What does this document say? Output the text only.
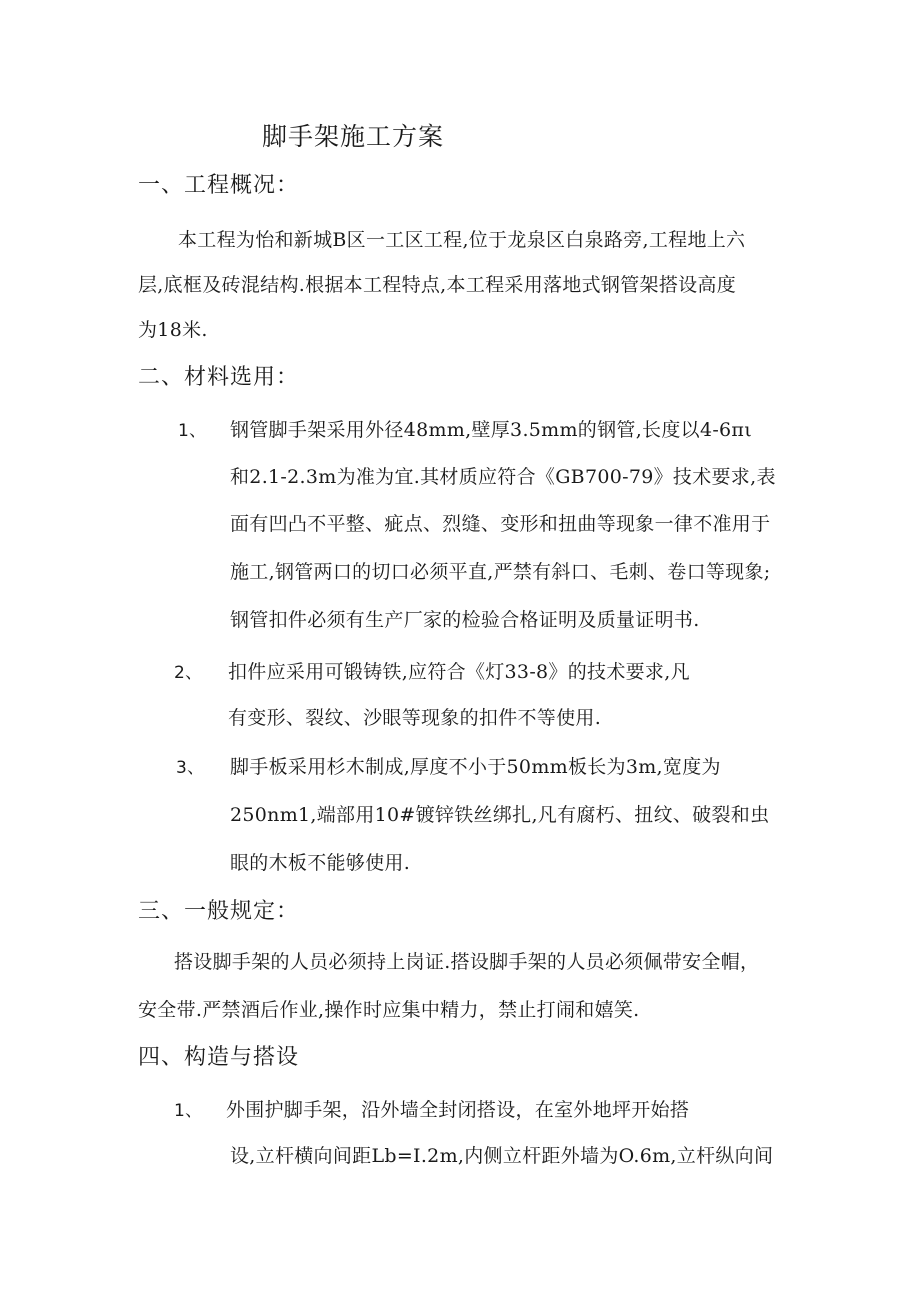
脚手架施工方案
一、工程概况：
本工程为怡和新城B区一工区工程,位于龙泉区白泉路旁,工程地上六
层,底框及砖混结构.根据本工程特点,本工程采用落地式钢管架搭设高度
为18米.
二、材料选用：
1、 钢管脚手架采用外径48mm,壁厚3.5mm的钢管,长度以4-6πι
和2.1-2.3m为准为宜.其材质应符合《GB700-79》技术要求,表
面有凹凸不平整、疵点、烈缝、变形和扭曲等现象一律不准用于
施工,钢管两口的切口必须平直,严禁有斜口、毛刺、卷口等现象;
钢管扣件必须有生产厂家的检验合格证明及质量证明书.
2、 扣件应采用可锻铸铁,应符合《灯33-8》的技术要求,凡
有变形、裂纹、沙眼等现象的扣件不等使用.
3、 脚手板采用杉木制成,厚度不小于50mm板长为3m,宽度为
250nm1,端部用10#镀锌铁丝绑扎,凡有腐朽、扭纹、破裂和虫
眼的木板不能够使用.
三、一般规定：
搭设脚手架的人员必须持上岗证.搭设脚手架的人员必须佩带安全帽，
安全带.严禁酒后作业,操作时应集中精力，禁止打闹和嬉笑.
四、构造与搭设
1、 外围护脚手架，沿外墙全封闭搭设，在室外地坪开始搭
设,立杆横向间距Lb=I.2m,内侧立杆距外墙为O.6m,立杆纵向间
